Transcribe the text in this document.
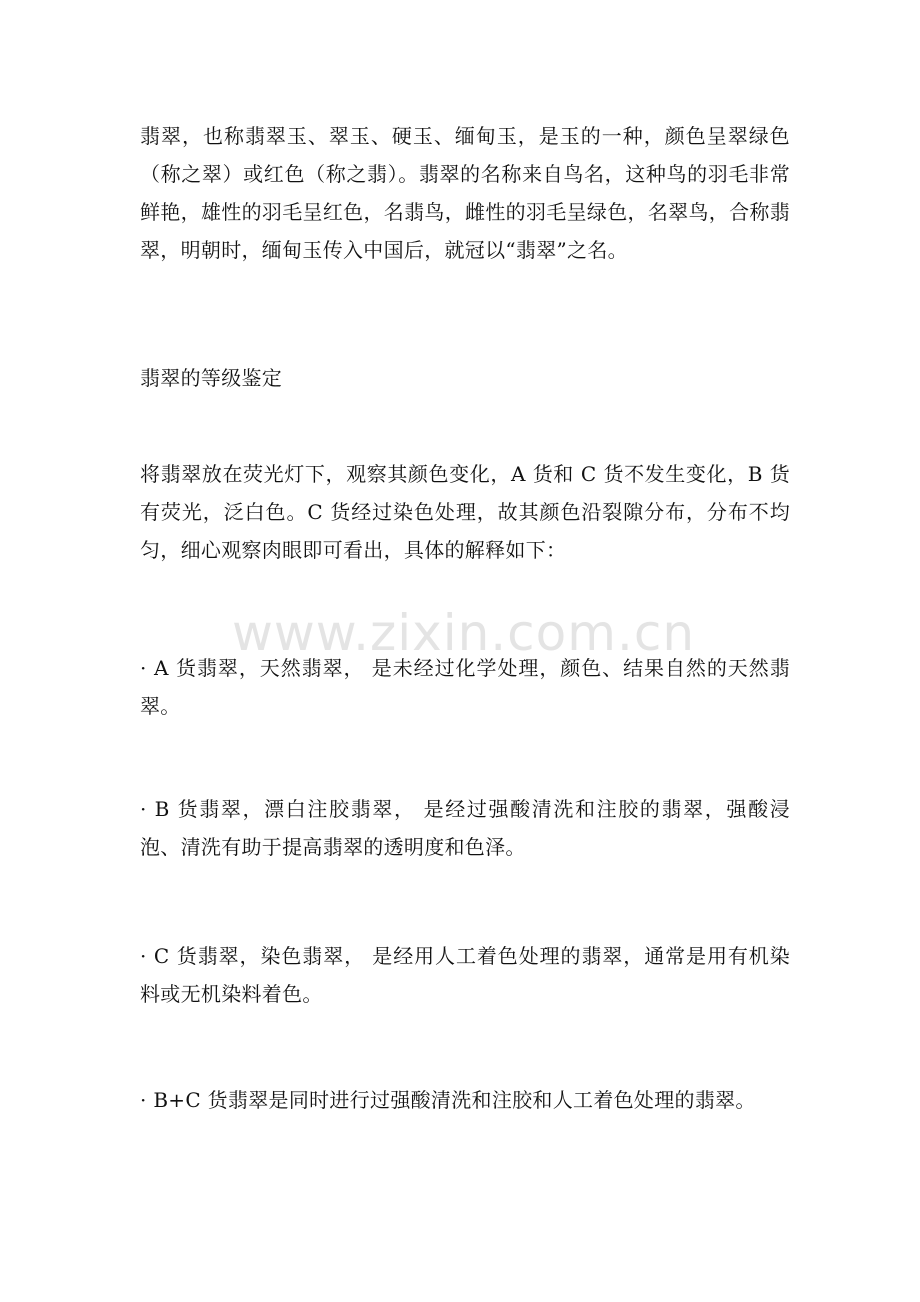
翡翠，也称翡翠玉、翠玉、硬玉、缅甸玉，是玉的一种，颜色呈翠绿色（称之翠）或红色（称之翡）。翡翠的名称来自鸟名，这种鸟的羽毛非常鲜艳，雄性的羽毛呈红色，名翡鸟，雌性的羽毛呈绿色，名翠鸟，合称翡翠，明朝时，缅甸玉传入中国后，就冠以“翡翠”之名。

翡翠的等级鉴定

将翡翠放在荧光灯下，观察其颜色变化，A 货和 C 货不发生变化，B 货有荧光，泛白色。C 货经过染色处理，故其颜色沿裂隙分布，分布不均匀，细心观察肉眼即可看出，具体的解释如下：

www.zixin.com.cn

· A 货翡翠，天然翡翠， 是未经过化学处理，颜色、结果自然的天然翡翠。

· B 货翡翠，漂白注胶翡翠， 是经过强酸清洗和注胶的翡翠，强酸浸泡、清洗有助于提高翡翠的透明度和色泽。

· C 货翡翠，染色翡翠， 是经用人工着色处理的翡翠，通常是用有机染料或无机染料着色。

· B+C 货翡翠是同时进行过强酸清洗和注胶和人工着色处理的翡翠。
